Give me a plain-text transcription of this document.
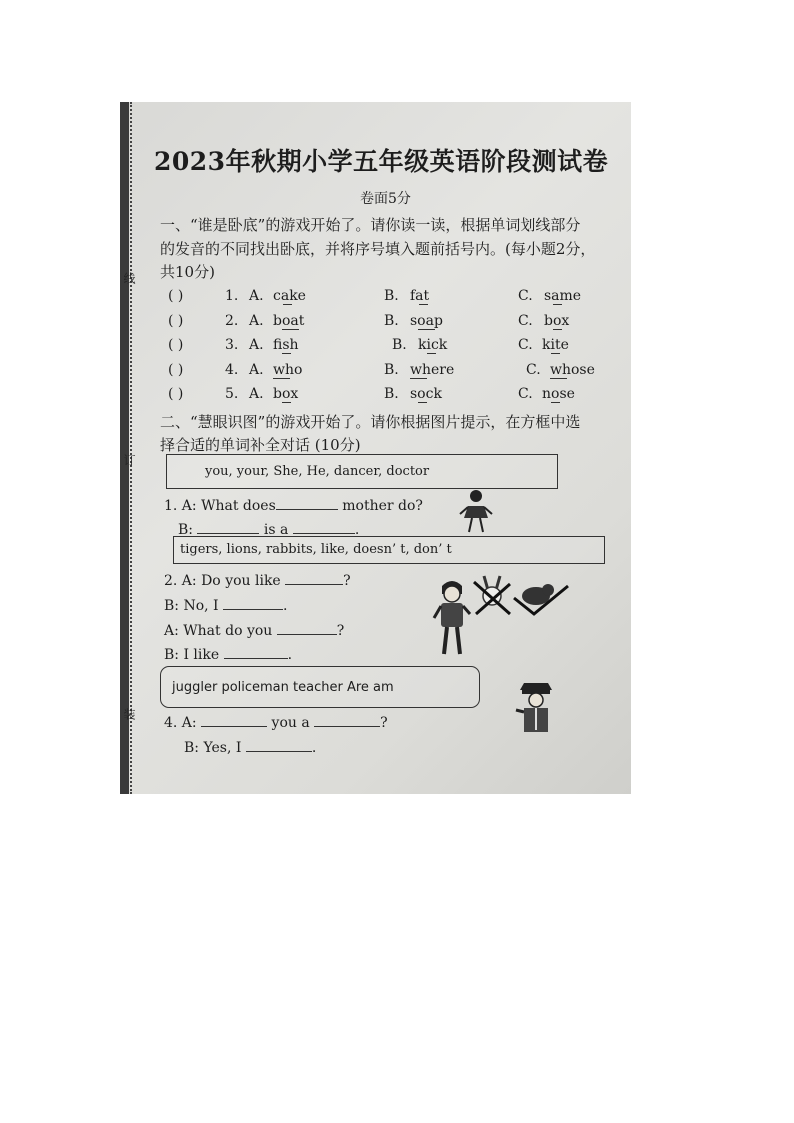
线
订
装
2023年秋期小学五年级英语阶段测试卷
卷面5分
一、“谁是卧底”的游戏开始了。请你读一读，根据单词划线部分
的发音的不同找出卧底，并将序号填入题前括号内。(每小题2分，
共10分)
( )	1. A. cake	B. fat	C. same
( )	2. A. boat	B. soap	C. box
( )	3. A. fish	B. kick	C. kite
( )	4. A. who	B. where	C. whose
( )	5. A. box	B. sock	C. nose
二、“慧眼识图”的游戏开始了。请你根据图片提示，在方框中选
择合适的单词补全对话 (10分)
you, your, She, He, dancer, doctor
1. A: What does	mother do?
B:	is a	.
tigers, lions, rabbits, like, doesn’ t, don’ t
2. A: Do you like	?
B: No, I	.
A: What do you	?
B: I like	.
juggler policeman teacher Are am
4. A:	you a	?
B: Yes, I	.
